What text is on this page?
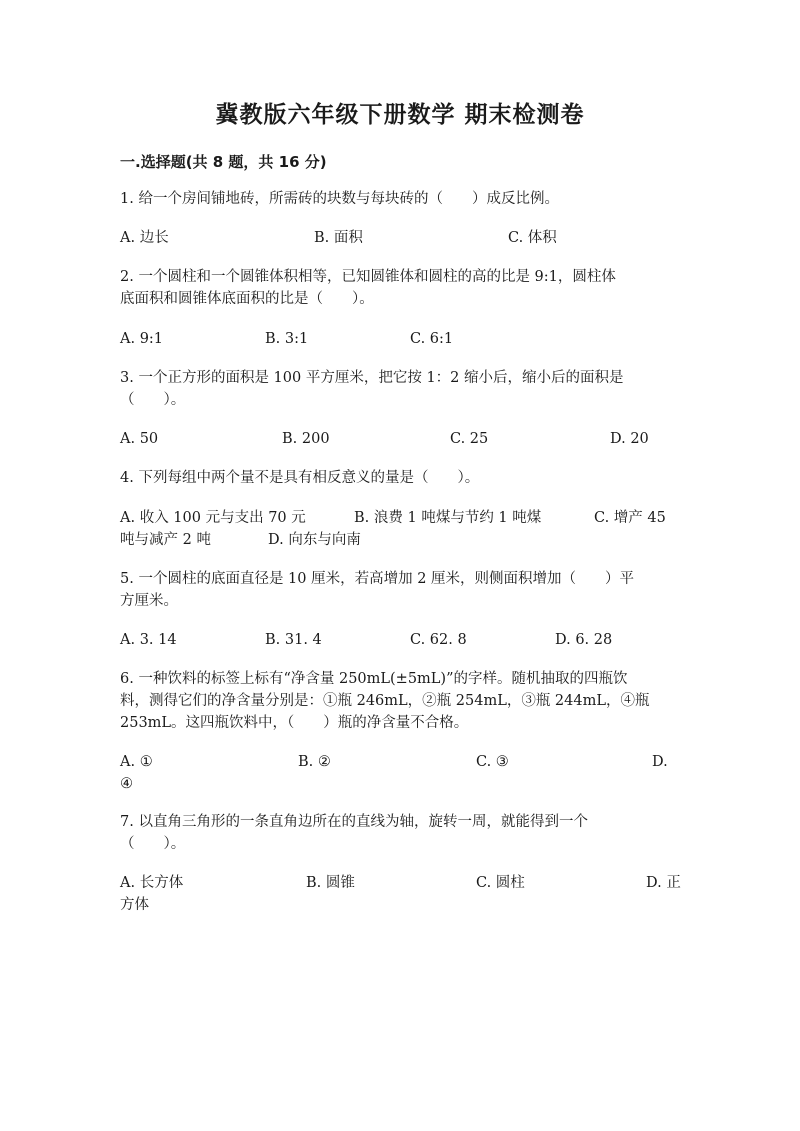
冀教版六年级下册数学 期末检测卷
一.选择题(共 8 题，共 16 分)
1. 给一个房间铺地砖，所需砖的块数与每块砖的（　　）成反比例。
A. 边长	B. 面积	C. 体积
2. 一个圆柱和一个圆锥体积相等，已知圆锥体和圆柱的高的比是 9:1，圆柱体
底面积和圆锥体底面积的比是（　　）。
A. 9:1	B. 3:1	C. 6:1
3. 一个正方形的面积是 100 平方厘米，把它按 1：2 缩小后，缩小后的面积是
（　　）。
A. 50	B. 200	C. 25	D. 20
4. 下列每组中两个量不是具有相反意义的量是（　　）。
A. 收入 100 元与支出 70 元	B. 浪费 1 吨煤与节约 1 吨煤	C. 增产 45
吨与减产 2 吨	D. 向东与向南
5. 一个圆柱的底面直径是 10 厘米，若高增加 2 厘米，则侧面积增加（　　）平
方厘米。
A. 3. 14	B. 31. 4	C. 62. 8	D. 6. 28
6. 一种饮料的标签上标有“净含量 250mL(±5mL)”的字样。随机抽取的四瓶饮
料，测得它们的净含量分别是：①瓶 246mL，②瓶 254mL，③瓶 244mL，④瓶
253mL。这四瓶饮料中，（　　）瓶的净含量不合格。
A. ①	B. ②	C. ③	D.
④
7. 以直角三角形的一条直角边所在的直线为轴，旋转一周，就能得到一个
（　　）。
A. 长方体	B. 圆锥	C. 圆柱	D. 正
方体
